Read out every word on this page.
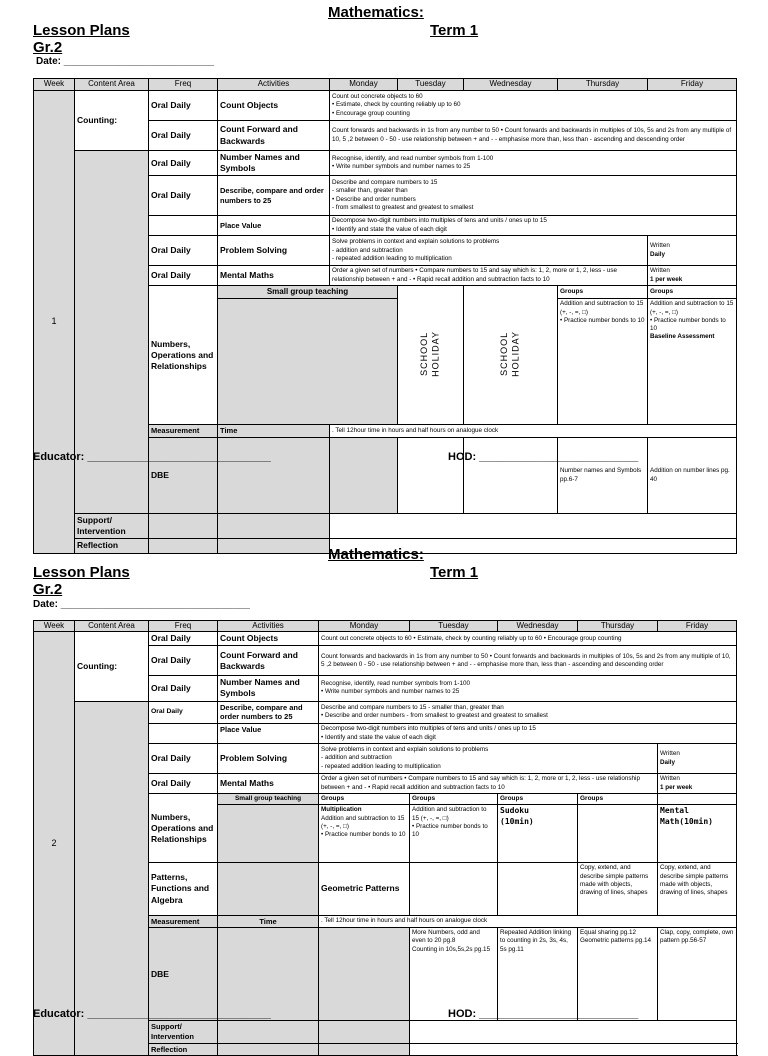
Mathematics:
Lesson Plans	Term 1
Gr.2
Date: ___________________________
Week	Content Area	Freq	Activities	Monday	Tuesday	Wednesday	Thursday	Friday	
1	Counting:	Oral Daily	Count Objects	Count out concrete objects to 60
• Estimate, check by counting reliably up to 60
• Encourage group counting					
		Oral Daily	Count Forward and Backwards	Count forwards and backwards in 1s from any number to 50 • Count forwards and backwards in multiples of 10s, 5s and 2s from any multiple of 10, 5 ,2 between 0 - 50 - use relationship between + and - - emphasise more than, less than - ascending and descending order					
		Oral Daily	Number Names and Symbols	Recognise, identify, and read number symbols from 1-100
• Write number symbols and number names to 25					
		Oral Daily	Describe, compare and order numbers to 25	Describe and compare numbers to 15
- smaller than, greater than
• Describe and order numbers
- from smallest to greatest and greatest to smallest					
			Place Value	Decompose two-digit numbers into multiples of tens and units / ones up to 15
• Identify and state the value of each digit					
		Oral Daily	Problem Solving	Solve problems in context and explain solutions to problems
- addition and subtraction
- repeated addition leading to multiplication				Written
Daily	
		Oral Daily	Mental Maths	Order a given set of numbers • Compare numbers to 15 and say which is: 1, 2, more or 1, 2, less - use relationship between + and - • Rapid recall addition and subtraction facts to 10				Written
1 per week	
		Numbers, Operations and Relationships	Small group teaching		SCHOOL
HOLIDAY	SCHOOL
HOLIDAY	Groups	Groups	
							Addition and subtraction to 15 (+, -, =, □)
• Practice number bonds to 10	Addition and subtraction to 15 (+, -, =, □)
• Practice number bonds to 10
Baseline Assessment	
		Measurement	Time	. Tell 12hour time in hours and half hours on analogue clock					
		DBE					Number names and Symbols pp.6-7	Addition on number lines pg. 40	
	Support/ Intervention								
	Reflection								
Educator: ______________________________	HOD: __________________________
Mathematics:
Lesson Plans	Term 1
Gr.2
Date: __________________________________
Week	Content Area	Freq	Activities	Monday	Tuesday	Wednesday	Thursday	Friday	
2	Counting:	Oral Daily	Count Objects	Count out concrete objects to 60 • Estimate, check by counting reliably up to 60 • Encourage group counting					
		Oral Daily	Count Forward and Backwards	Count forwards and backwards in 1s from any number to 50 • Count forwards and backwards in multiples of 10s, 5s and 2s from any multiple of 10, 5 ,2 between 0 - 50 - use relationship between + and - - emphasise more than, less than - ascending and descending order					
		Oral Daily	Number Names and Symbols	Recognise, identify, read number symbols from 1-100
• Write number symbols and number names to 25					
		Oral Daily	Describe, compare and order numbers to 25	Describe and compare numbers to 15 - smaller than, greater than
• Describe and order numbers - from smallest to greatest and greatest to smallest					
			Place Value	Decompose two-digit numbers into multiples of tens and units / ones up to 15
• Identify and state the value of each digit					
		Oral Daily	Problem Solving	Solve problems in context and explain solutions to problems
- addition and subtraction
- repeated addition leading to multiplication				Written
Daily	
		Oral Daily	Mental Maths	Order a given set of numbers • Compare numbers to 15 and say which is: 1, 2, more or 1, 2, less - use relationship between + and - • Rapid recall addition and subtraction facts to 10				Written
1 per week	
		Numbers, Operations and Relationships	Small group teaching	Groups	Groups	Groups	Groups		
				Multiplication
Addition and subtraction to 15 (+, -, =, □)
• Practice number bonds to 10	Addition and subtraction to 15 (+, -, =, □)
• Practice number bonds to 10	Sudoku
(10min)		Mental
Math(10min)	
		Patterns, Functions and Algebra		Geometric Patterns			Copy, extend, and describe simple patterns made with objects, drawing of lines, shapes	Copy, extend, and describe simple patterns made with objects, drawing of lines, shapes	
		Measurement	Time	. Tell 12hour time in hours and half hours on analogue clock					
		DBE			More Numbers, odd and even to 20 pg.8
Counting in 10s,5s,2s pg.15	Repeated Addition linking to counting in 2s, 3s, 4s, 5s pg.11	Equal sharing pg.12
Geometric patterns pg.14	Clap, copy, complete, own pattern pp.56-57	
		Support/ Intervention							
		Reflection							
Educator: ______________________________	HOD: __________________________
